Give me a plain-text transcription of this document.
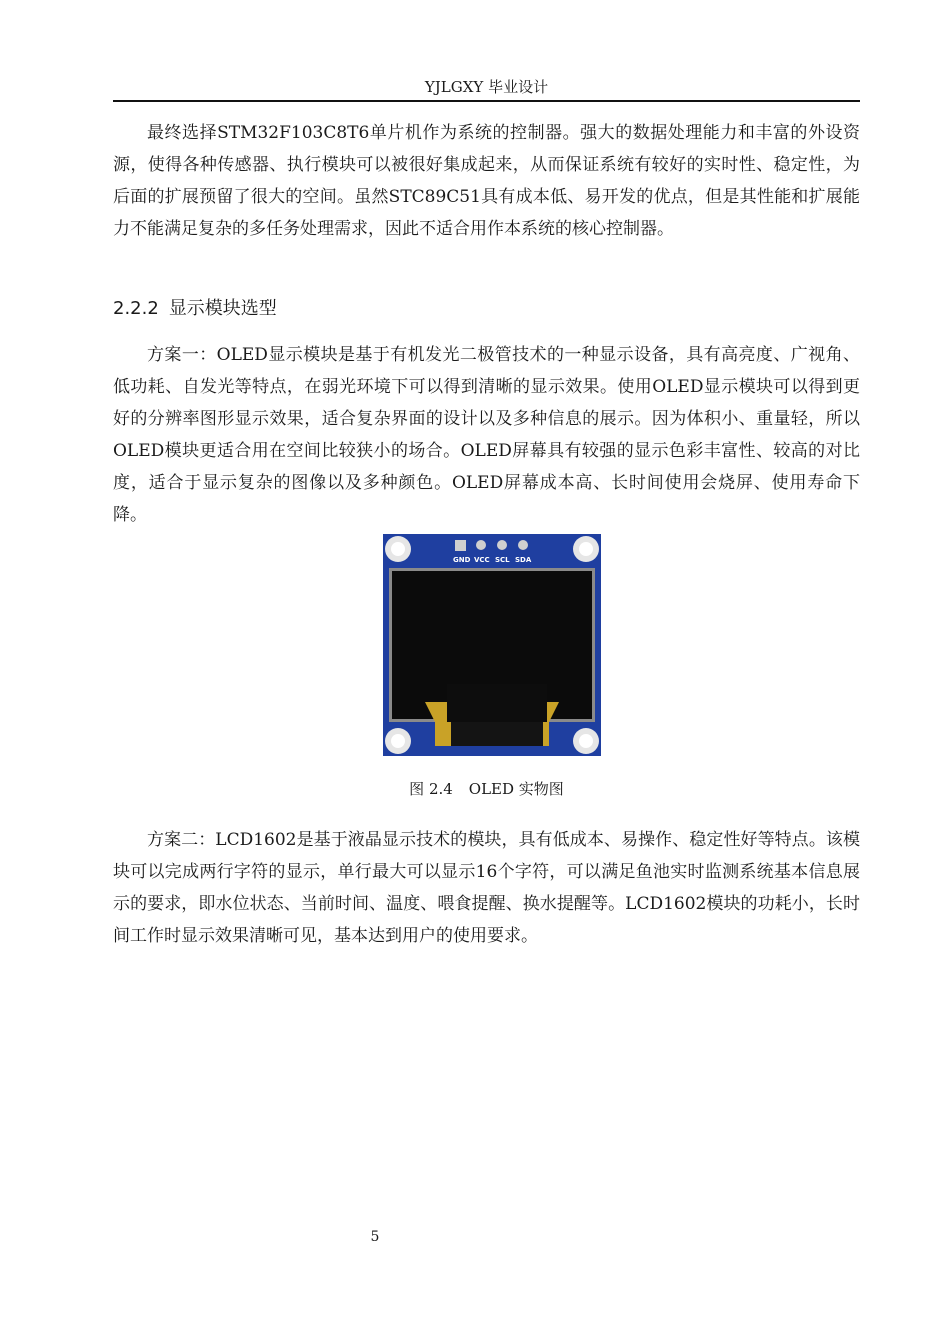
YJLGXY 毕业设计

最终选择STM32F103C8T6单片机作为系统的控制器。强大的数据处理能力和丰富的外设资源，使得各种传感器、执行模块可以被很好集成起来，从而保证系统有较好的实时性、稳定性，为后面的扩展预留了很大的空间。虽然STC89C51具有成本低、易开发的优点，但是其性能和扩展能力不能满足复杂的多任务处理需求，因此不适合用作本系统的核心控制器。

2.2.2 显示模块选型

方案一：OLED显示模块是基于有机发光二极管技术的一种显示设备，具有高亮度、广视角、低功耗、自发光等特点，在弱光环境下可以得到清晰的显示效果。使用OLED显示模块可以得到更好的分辨率图形显示效果，适合复杂界面的设计以及多种信息的展示。因为体积小、重量轻，所以OLED模块更适合用在空间比较狭小的场合。OLED屏幕具有较强的显示色彩丰富性、较高的对比度，适合于显示复杂的图像以及多种颜色。OLED屏幕成本高、长时间使用会烧屏、使用寿命下降。

GND VCC SCL SDA
图 2.4 OLED 实物图

方案二：LCD1602是基于液晶显示技术的模块，具有低成本、易操作、稳定性好等特点。该模块可以完成两行字符的显示，单行最大可以显示16个字符，可以满足鱼池实时监测系统基本信息展示的要求，即水位状态、当前时间、温度、喂食提醒、换水提醒等。LCD1602模块的功耗小，长时间工作时显示效果清晰可见，基本达到用户的使用要求。

5
